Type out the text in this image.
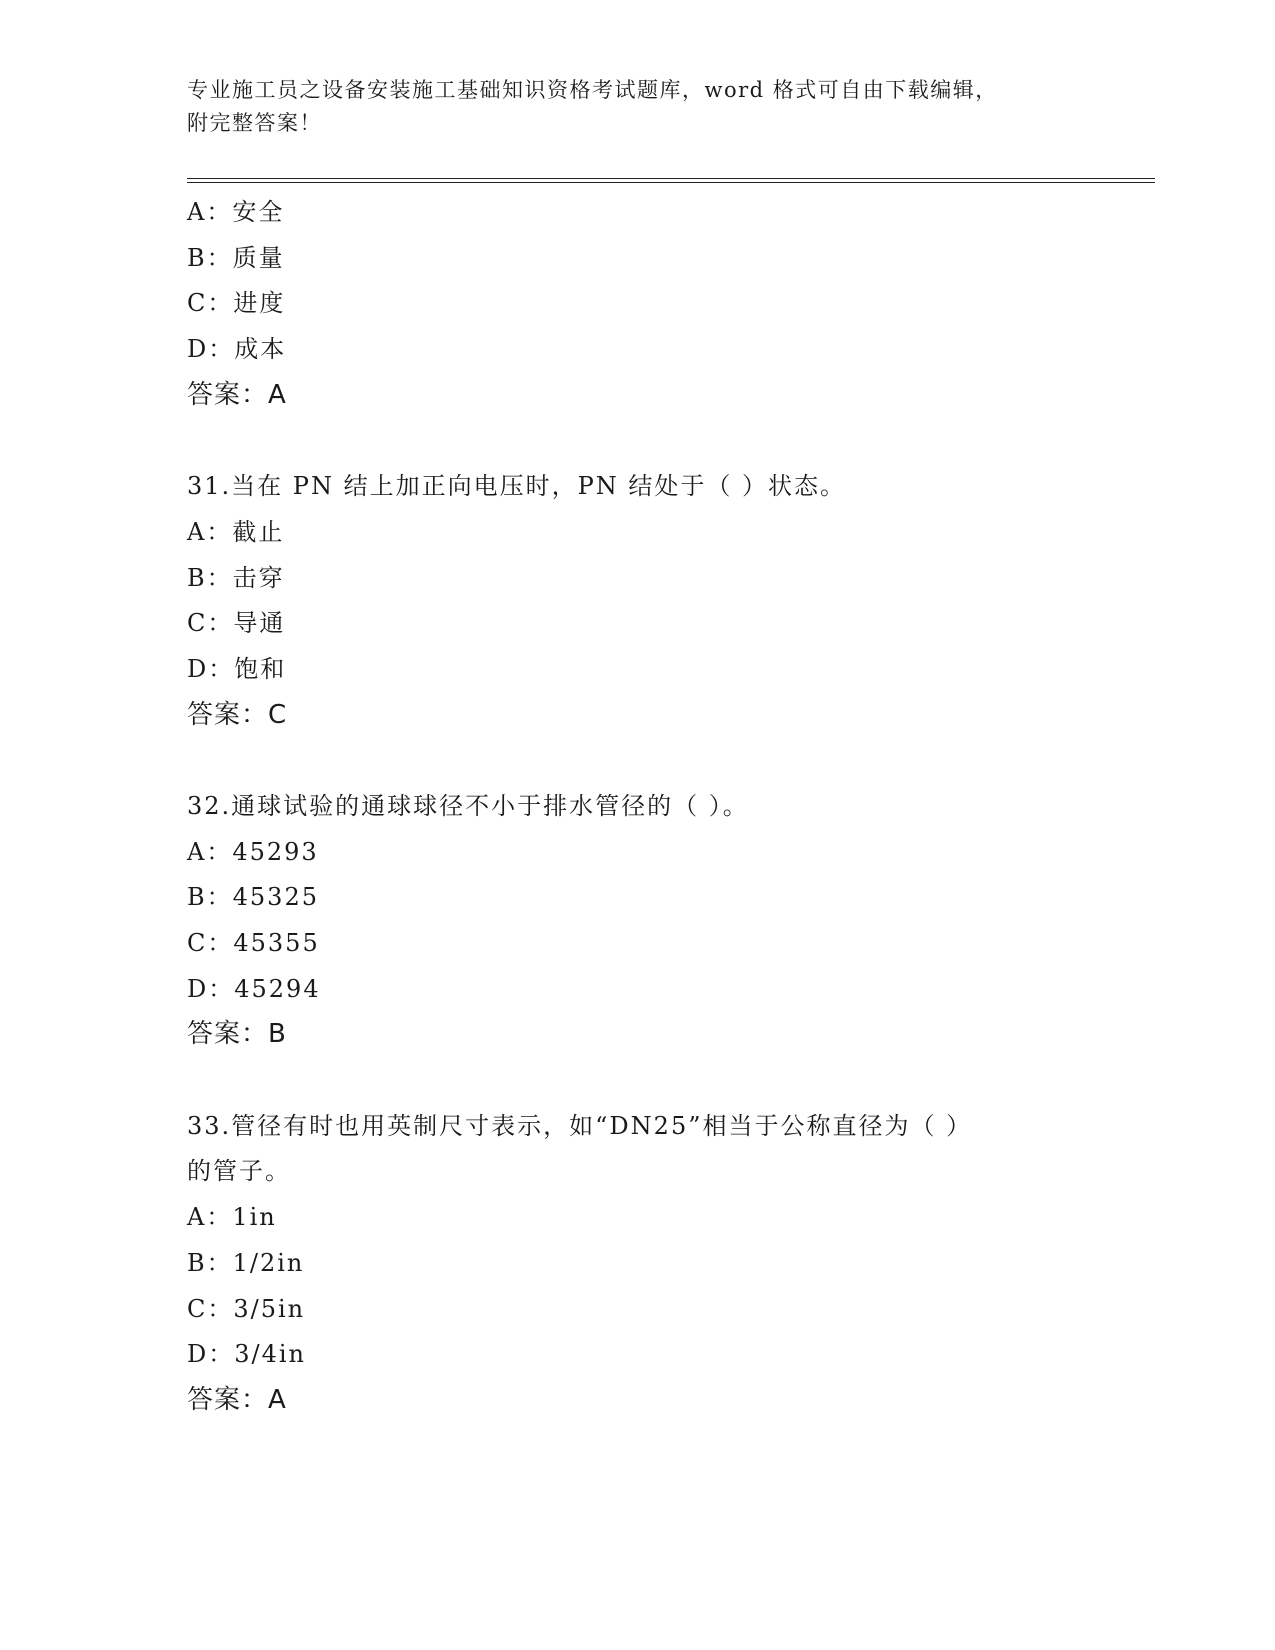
专业施工员之设备安装施工基础知识资格考试题库，word 格式可自由下载编辑，
附完整答案！
A：安全
B：质量
C：进度
D：成本
答案：A
31.当在 PN 结上加正向电压时，PN 结处于（ ）状态。
A：截止
B：击穿
C：导通
D：饱和
答案：C
32.通球试验的通球球径不小于排水管径的（ ）。
A：45293
B：45325
C：45355
D：45294
答案：B
33.管径有时也用英制尺寸表示，如“DN25”相当于公称直径为（ ）
的管子。
A：1in
B：1/2in
C：3/5in
D：3/4in
答案：A
